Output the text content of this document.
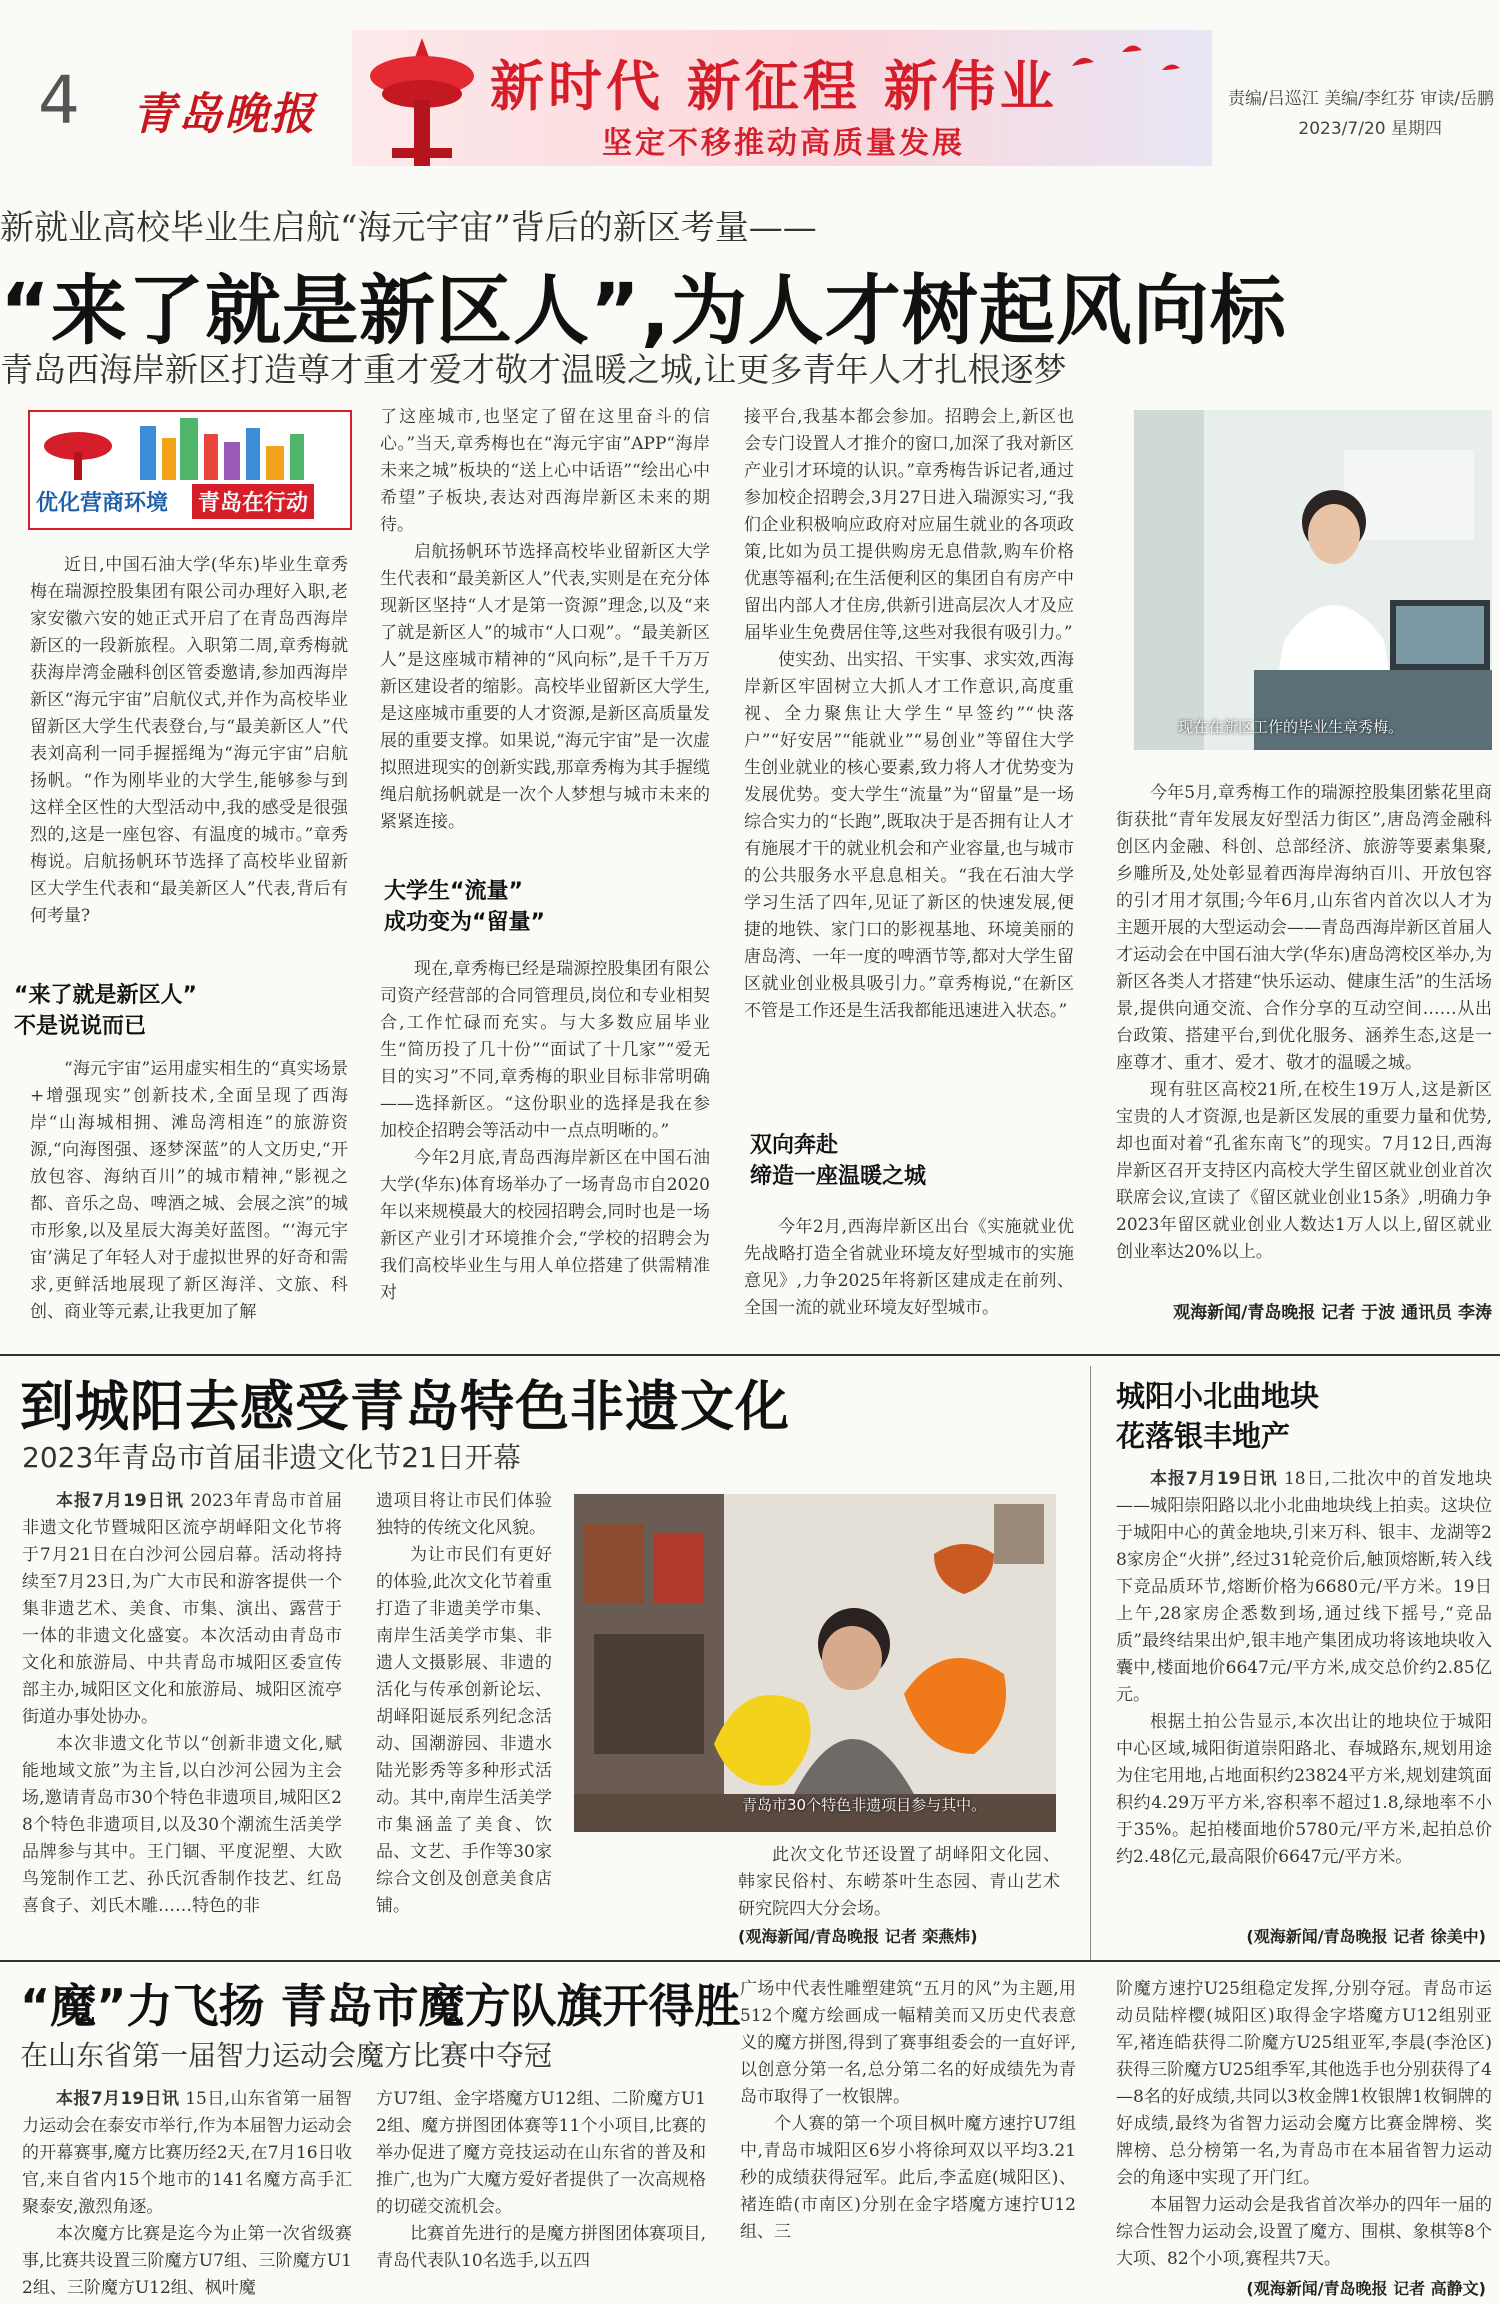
4 青岛晚报	新时代 新征程 新伟业
坚定不移推动高质量发展
责编/吕巡江 美编/李红芬 审读/岳鹏
2023/7/20 星期四
新就业高校毕业生启航“海元宇宙”背后的新区考量——
“来了就是新区人”,为人才树起风向标
青岛西海岸新区打造尊才重才爱才敬才温暖之城,让更多青年人才扎根逐梦
优化营商环境 青岛在行动

近日,中国石油大学(华东)毕业生章秀梅在瑞源控股集团有限公司办理好入职,老家安徽六安的她正式开启了在青岛西海岸新区的一段新旅程。入职第二周,章秀梅就获海岸湾金融科创区管委邀请,参加西海岸新区“海元宇宙”启航仪式,并作为高校毕业留新区大学生代表登台,与“最美新区人”代表刘高利一同手握摇绳为“海元宇宙”启航扬帆。“作为刚毕业的大学生,能够参与到这样全区性的大型活动中,我的感受是很强烈的,这是一座包容、有温度的城市。”章秀梅说。启航扬帆环节选择了高校毕业留新区大学生代表和“最美新区人”代表,背后有何考量?

“来了就是新区人”
不是说说而已

“海元宇宙”运用虚实相生的“真实场景+增强现实”创新技术,全面呈现了西海岸“山海城相拥、滩岛湾相连”的旅游资源,“向海图强、逐梦深蓝”的人文历史,“开放包容、海纳百川”的城市精神,“影视之都、音乐之岛、啤酒之城、会展之滨”的城市形象,以及星辰大海美好蓝图。“‘海元宇宙’满足了年轻人对于虚拟世界的好奇和需求,更鲜活地展现了新区海洋、文旅、科创、商业等元素,让我更加了解

了这座城市,也坚定了留在这里奋斗的信心。”当天,章秀梅也在“海元宇宙”APP“海岸未来之城”板块的“送上心中话语”“绘出心中希望”子板块,表达对西海岸新区未来的期待。

启航扬帆环节选择高校毕业留新区大学生代表和“最美新区人”代表,实则是在充分体现新区坚持“人才是第一资源”理念,以及“来了就是新区人”的城市“人口观”。“最美新区人”是这座城市精神的“风向标”,是千千万万新区建设者的缩影。高校毕业留新区大学生,是这座城市重要的人才资源,是新区高质量发展的重要支撑。如果说,“海元宇宙”是一次虚拟照进现实的创新实践,那章秀梅为其手握缆绳启航扬帆就是一次个人梦想与城市未来的紧紧连接。

大学生“流量”
成功变为“留量”

现在,章秀梅已经是瑞源控股集团有限公司资产经营部的合同管理员,岗位和专业相契合,工作忙碌而充实。与大多数应届毕业生“简历投了几十份”“面试了十几家”“爱无目的实习”不同,章秀梅的职业目标非常明确——选择新区。“这份职业的选择是我在参加校企招聘会等活动中一点点明晰的。”

今年2月底,青岛西海岸新区在中国石油大学(华东)体育场举办了一场青岛市自2020年以来规模最大的校园招聘会,同时也是一场新区产业引才环境推介会,“学校的招聘会为我们高校毕业生与用人单位搭建了供需精准对

接平台,我基本都会参加。招聘会上,新区也会专门设置人才推介的窗口,加深了我对新区产业引才环境的认识。”章秀梅告诉记者,通过参加校企招聘会,3月27日进入瑞源实习,“我们企业积极响应政府对应届生就业的各项政策,比如为员工提供购房无息借款,购车价格优惠等福利;在生活便利区的集团自有房产中留出内部人才住房,供新引进高层次人才及应届毕业生免费居住等,这些对我很有吸引力。”

使实劲、出实招、干实事、求实效,西海岸新区牢固树立大抓人才工作意识,高度重视、全力聚焦让大学生“早签约”“快落户”“好安居”“能就业”“易创业”等留住大学生创业就业的核心要素,致力将人才优势变为发展优势。变大学生“流量”为“留量”是一场综合实力的“长跑”,既取决于是否拥有让人才有施展才干的就业机会和产业容量,也与城市的公共服务水平息息相关。“我在石油大学学习生活了四年,见证了新区的快速发展,便捷的地铁、家门口的影视基地、环境美丽的唐岛湾、一年一度的啤酒节等,都对大学生留区就业创业极具吸引力。”章秀梅说,“在新区不管是工作还是生活我都能迅速进入状态。”

双向奔赴
缔造一座温暖之城

今年2月,西海岸新区出台《实施就业优先战略打造全省就业环境友好型城市的实施意见》,力争2025年将新区建成走在前列、全国一流的就业环境友好型城市。

现在在新区工作的毕业生章秀梅。

今年5月,章秀梅工作的瑞源控股集团紫花里商街获批“青年发展友好型活力街区”,唐岛湾金融科创区内金融、科创、总部经济、旅游等要素集聚,乡雕所及,处处彰显着西海岸海纳百川、开放包容的引才用才氛围;今年6月,山东省内首次以人才为主题开展的大型运动会——青岛西海岸新区首届人才运动会在中国石油大学(华东)唐岛湾校区举办,为新区各类人才搭建“快乐运动、健康生活”的生活场景,提供向通交流、合作分享的互动空间……从出台政策、搭建平台,到优化服务、涵养生态,这是一座尊才、重才、爱才、敬才的温暖之城。

现有驻区高校21所,在校生19万人,这是新区宝贵的人才资源,也是新区发展的重要力量和优势,却也面对着“孔雀东南飞”的现实。7月12日,西海岸新区召开支持区内高校大学生留区就业创业首次联席会议,宣读了《留区就业创业15条》,明确力争2023年留区就业创业人数达1万人以上,留区就业创业率达20%以上。

观海新闻/青岛晚报 记者 于波 通讯员 李涛
到城阳去感受青岛特色非遗文化
2023年青岛市首届非遗文化节21日开幕

本报7月19日讯 2023年青岛市首届非遗文化节暨城阳区流亭胡峄阳文化节将于7月21日在白沙河公园启幕。活动将持续至7月23日,为广大市民和游客提供一个集非遗艺术、美食、市集、演出、露营于一体的非遗文化盛宴。本次活动由青岛市文化和旅游局、中共青岛市城阳区委宣传部主办,城阳区文化和旅游局、城阳区流亭街道办事处协办。

本次非遗文化节以“创新非遗文化,赋能地域文旅”为主旨,以白沙河公园为主会场,邀请青岛市30个特色非遗项目,城阳区28个特色非遗项目,以及30个潮流生活美学品牌参与其中。王门锢、平度泥塑、大欧鸟笼制作工艺、孙氏沉香制作技艺、红岛喜食子、刘氏木雕……特色的非

遗项目将让市民们体验独特的传统文化风貌。

为让市民们有更好的体验,此次文化节着重打造了非遗美学市集、南岸生活美学市集、非遗人文摄影展、非遗的活化与传承创新论坛、胡峄阳诞辰系列纪念活动、国潮游园、非遗水陆光影秀等多种形式活动。其中,南岸生活美学市集涵盖了美食、饮品、文艺、手作等30家综合文创及创意美食店铺。

青岛市30个特色非遗项目参与其中。

此次文化节还设置了胡峄阳文化园、韩家民俗村、东崂茶叶生态园、青山艺术研究院四大分会场。

(观海新闻/青岛晚报 记者 栾燕炜)
城阳小北曲地块
花落银丰地产

本报7月19日讯 18日,二批次中的首发地块——城阳崇阳路以北小北曲地块线上拍卖。这块位于城阳中心的黄金地块,引来万科、银丰、龙湖等28家房企“火拼”,经过31轮竞价后,触顶熔断,转入线下竞品质环节,熔断价格为6680元/平方米。19日上午,28家房企悉数到场,通过线下摇号,“竞品质”最终结果出炉,银丰地产集团成功将该地块收入囊中,楼面地价6647元/平方米,成交总价约2.85亿元。

根据土拍公告显示,本次出让的地块位于城阳中心区域,城阳街道崇阳路北、春城路东,规划用途为住宅用地,占地面积约23824平方米,规划建筑面积约4.29万平方米,容积率不超过1.8,绿地率不小于35%。起拍楼面地价5780元/平方米,起拍总价约2.48亿元,最高限价6647元/平方米。

(观海新闻/青岛晚报 记者 徐美中)
“魔”力飞扬 青岛市魔方队旗开得胜
在山东省第一届智力运动会魔方比赛中夺冠

本报7月19日讯 15日,山东省第一届智力运动会在泰安市举行,作为本届智力运动会的开幕赛事,魔方比赛历经2天,在7月16日收官,来自省内15个地市的141名魔方高手汇聚泰安,激烈角逐。

本次魔方比赛是迄今为止第一次省级赛事,比赛共设置三阶魔方U7组、三阶魔方U12组、三阶魔方U12组、枫叶魔

方U7组、金字塔魔方U12组、二阶魔方U12组、魔方拼图团体赛等11个小项目,比赛的举办促进了魔方竞技运动在山东省的普及和推广,也为广大魔方爱好者提供了一次高规格的切磋交流机会。

比赛首先进行的是魔方拼图团体赛项目,青岛代表队10名选手,以五四

广场中代表性雕塑建筑“五月的风”为主题,用512个魔方绘画成一幅精美而又历史代表意义的魔方拼图,得到了赛事组委会的一直好评,以创意分第一名,总分第二名的好成绩先为青岛市取得了一枚银牌。

个人赛的第一个项目枫叶魔方速拧U7组中,青岛市城阳区6岁小将徐珂双以平均3.21秒的成绩获得冠军。此后,李孟庭(城阳区)、褚连皓(市南区)分别在金字塔魔方速拧U12组、三

阶魔方速拧U25组稳定发挥,分别夺冠。青岛市运动员陆梓樱(城阳区)取得金字塔魔方U12组别亚军,褚连皓获得二阶魔方U25组亚军,李晨(李沧区)获得三阶魔方U25组季军,其他选手也分别获得了4—8名的好成绩,共同以3枚金牌1枚银牌1枚铜牌的好成绩,最终为省智力运动会魔方比赛金牌榜、奖牌榜、总分榜第一名,为青岛市在本届省智力运动会的角逐中实现了开门红。

本届智力运动会是我省首次举办的四年一届的综合性智力运动会,设置了魔方、围棋、象棋等8个大项、82个小项,赛程共7天。

(观海新闻/青岛晚报 记者 高静文)
